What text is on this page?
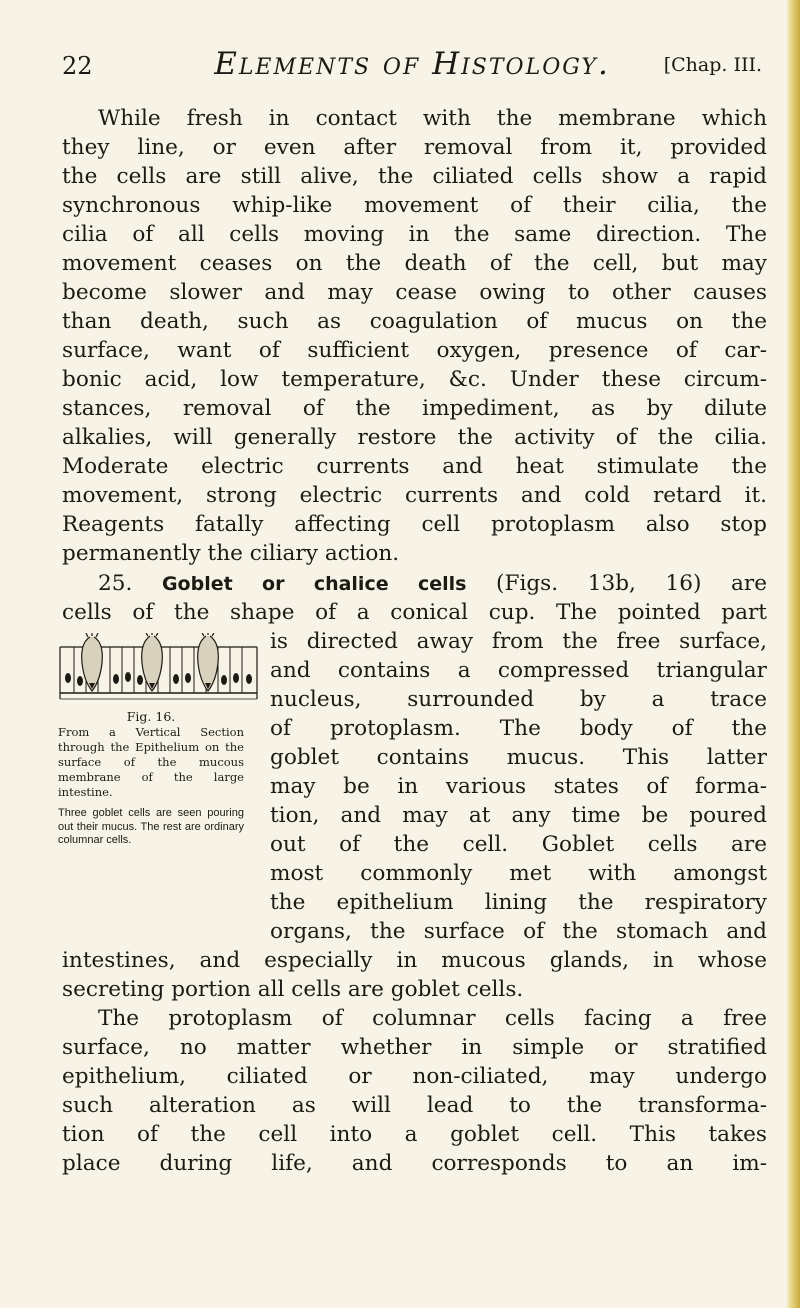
22	Elements of Histology.	[Chap. III.
While fresh in contact with the membrane which
they line, or even after removal from it, provided
the cells are still alive, the ciliated cells show a rapid
synchronous whip-like movement of their cilia, the
cilia of all cells moving in the same direction. The
movement ceases on the death of the cell, but may
become slower and may cease owing to other causes
than death, such as coagulation of mucus on the
surface, want of sufficient oxygen, presence of car-
bonic acid, low temperature, &c. Under these circum-
stances, removal of the impediment, as by dilute
alkalies, will generally restore the activity of the cilia.
Moderate electric currents and heat stimulate the
movement, strong electric currents and cold retard it.
Reagents fatally affecting cell protoplasm also stop
permanently the ciliary action.
25. Goblet or chalice cells (Figs. 13b, 16) are
cells of the shape of a conical cup. The pointed part
is directed away from the free surface,
and contains a compressed triangular
nucleus, surrounded by a trace
of protoplasm. The body of the
goblet contains mucus. This latter
may be in various states of forma-
tion, and may at any time be poured
out of the cell. Goblet cells are
most commonly met with amongst
the epithelium lining the respiratory
organs, the surface of the stomach and
intestines, and especially in mucous glands, in whose
secreting portion all cells are goblet cells.
The protoplasm of columnar cells facing a free
surface, no matter whether in simple or stratified
epithelium, ciliated or non-ciliated, may undergo
such alteration as will lead to the transforma-
tion of the cell into a goblet cell. This takes
place during life, and corresponds to an im-
Fig. 16.
From a Vertical Section through the Epithelium on the surface of the mucous membrane of the large intestine.
Three goblet cells are seen pouring out their mucus. The rest are ordinary columnar cells.
